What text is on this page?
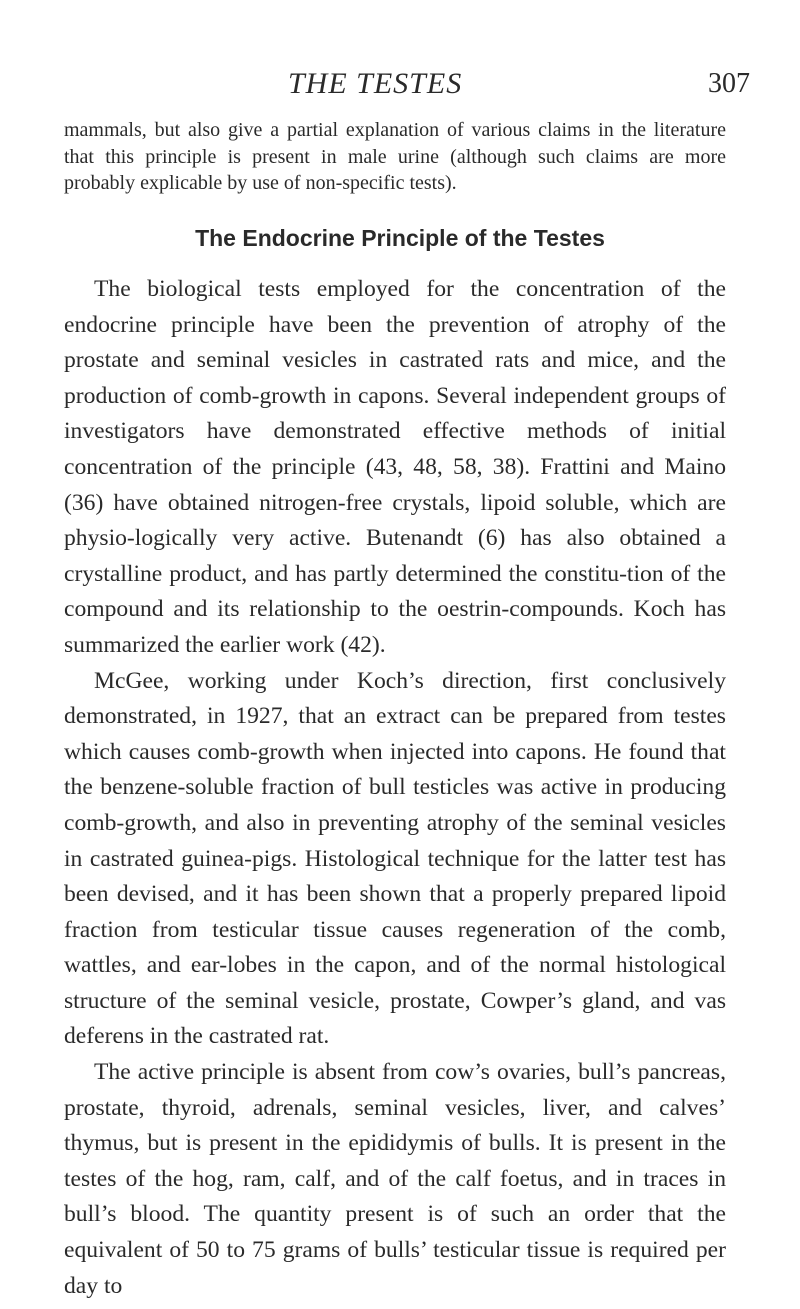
THE TESTES	307

mammals, but also give a partial explanation of various claims in the literature that this principle is present in male urine (although such claims are more probably explicable by use of non-specific tests).

The Endocrine Principle of the Testes

The biological tests employed for the concentration of the endocrine principle have been the prevention of atrophy of the prostate and seminal vesicles in castrated rats and mice, and the production of comb-growth in capons. Several independent groups of investigators have demonstrated effective methods of initial concentration of the principle (43, 48, 58, 38). Frattini and Maino (36) have obtained nitrogen-free crystals, lipoid soluble, which are physio-logically very active. Butenandt (6) has also obtained a crystalline product, and has partly determined the constitu-tion of the compound and its relationship to the oestrin-compounds. Koch has summarized the earlier work (42).

McGee, working under Koch’s direction, first conclusively demonstrated, in 1927, that an extract can be prepared from testes which causes comb-growth when injected into capons. He found that the benzene-soluble fraction of bull testicles was active in producing comb-growth, and also in preventing atrophy of the seminal vesicles in castrated guinea-pigs. Histological technique for the latter test has been devised, and it has been shown that a properly prepared lipoid fraction from testicular tissue causes regeneration of the comb, wattles, and ear-lobes in the capon, and of the normal histological structure of the seminal vesicle, prostate, Cowper’s gland, and vas deferens in the castrated rat.

The active principle is absent from cow’s ovaries, bull’s pancreas, prostate, thyroid, adrenals, seminal vesicles, liver, and calves’ thymus, but is present in the epididymis of bulls. It is present in the testes of the hog, ram, calf, and of the calf foetus, and in traces in bull’s blood. The quantity present is of such an order that the equivalent of 50 to 75 grams of bulls’ testicular tissue is required per day to
